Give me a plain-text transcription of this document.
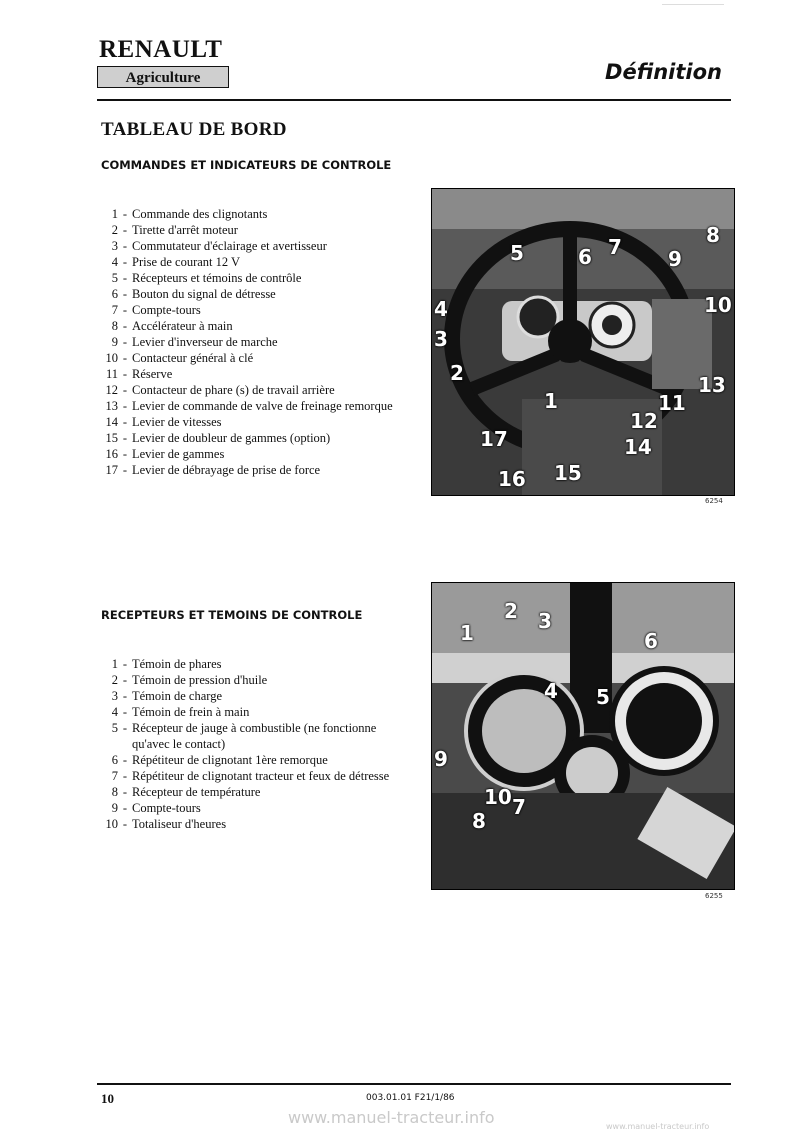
RENAULT
Agriculture	Définition
TABLEAU DE BORD
COMMANDES ET INDICATEURS DE CONTROLE
1 - Commande des clignotants
2 - Tirette d'arrêt moteur
3 - Commutateur d'éclairage et avertisseur
4 - Prise de courant 12 V
5 - Récepteurs et témoins de contrôle
6 - Bouton du signal de détresse
7 - Compte-tours
8 - Accélérateur à main
9 - Levier d'inverseur de marche
10 - Contacteur général à clé
11 - Réserve
12 - Contacteur de phare (s) de travail arrière
13 - Levier de commande de valve de freinage remorque
14 - Levier de vitesses
15 - Levier de doubleur de gammes (option)
16 - Levier de gammes
17 - Levier de débrayage de prise de force
1
2
3
4
5	6 7	8
9
10
11
12
13
14
15
16
17
6254
RECEPTEURS ET TEMOINS DE CONTROLE
1 - Témoin de phares
2 - Témoin de pression d'huile
3 - Témoin de charge
4 - Témoin de frein à main
5 - Récepteur de jauge à combustible (ne fonctionne qu'avec le contact)
6 - Répétiteur de clignotant 1ère remorque
7 - Répétiteur de clignotant tracteur et feux de détresse
8 - Récepteur de température
9 - Compte-tours
10 - Totaliseur d'heures
1
2 3
4 5
6
7
8
9
10
6255
10	003.01.01 F21/1/86
www.manuel-tracteur.info	www.manuel-tracteur.info
